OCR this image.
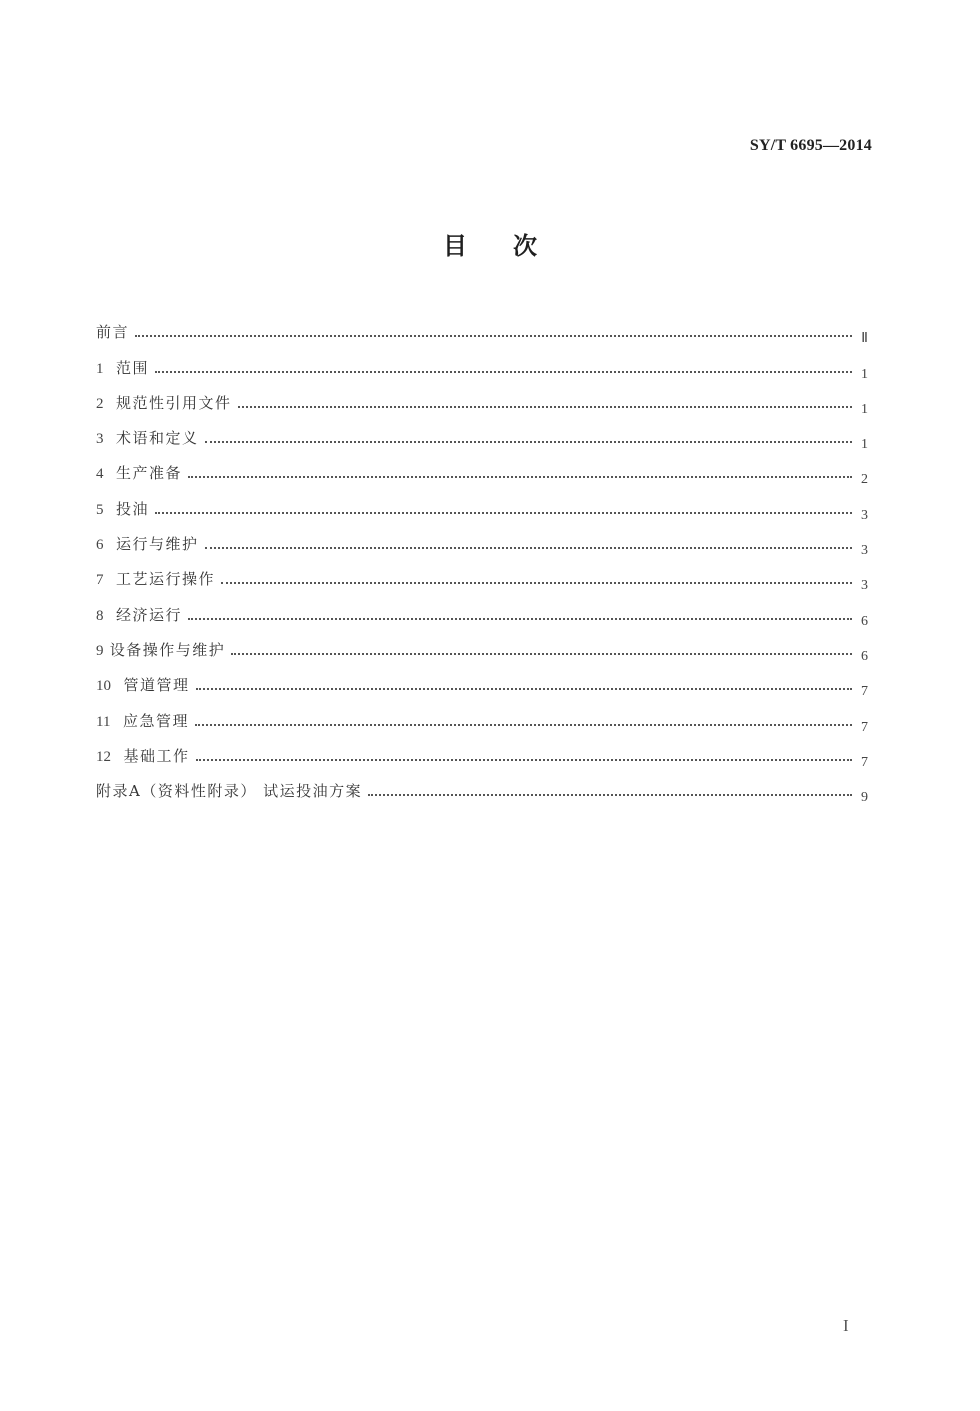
SY/T 6695—2014
目次
前言	Ⅱ
1 范围	1
2 规范性引用文件	1
3 术语和定义	1
4 生产准备	2
5 投油	3
6 运行与维护	3
7 工艺运行操作	3
8 经济运行	6
9 设备操作与维护	6
10 管道管理	7
11 应急管理	7
12 基础工作	7
附录A（资料性附录） 试运投油方案	9
I
